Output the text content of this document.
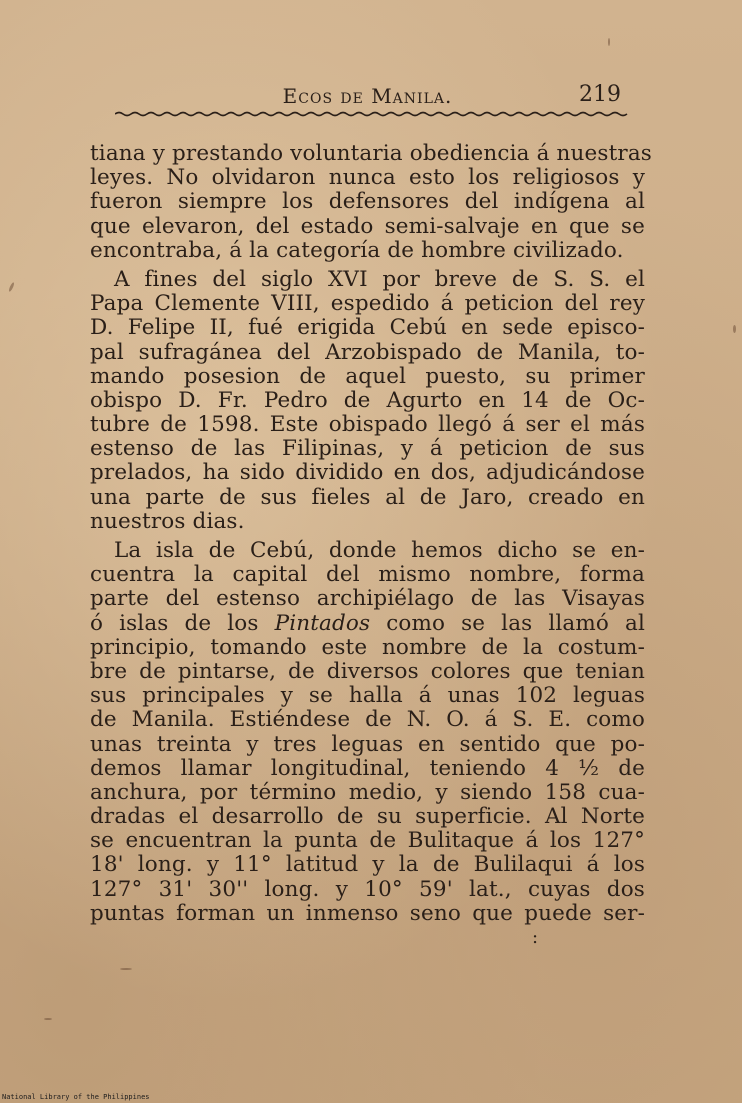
Ecos de Manila.	219
tiana y prestando voluntaria obediencia á nuestras
leyes. No olvidaron nunca esto los religiosos y
fueron siempre los defensores del indígena al
que elevaron, del estado semi-salvaje en que se
encontraba, á la categoría de hombre civilizado.
A fines del siglo XVI por breve de S. S. el
Papa Clemente VIII, espedido á peticion del rey
D. Felipe II, fué erigida Cebú en sede episco-
pal sufragánea del Arzobispado de Manila, to-
mando posesion de aquel puesto, su primer
obispo D. Fr. Pedro de Agurto en 14 de Oc-
tubre de 1598. Este obispado llegó á ser el más
estenso de las Filipinas, y á peticion de sus
prelados, ha sido dividido en dos, adjudicándose
una parte de sus fieles al de Jaro, creado en
nuestros dias.
La isla de Cebú, donde hemos dicho se en-
cuentra la capital del mismo nombre, forma
parte del estenso archipiélago de las Visayas
ó islas de los Pintados como se las llamó al
principio, tomando este nombre de la costum-
bre de pintarse, de diversos colores que tenian
sus principales y se halla á unas 102 leguas
de Manila. Estiéndese de N. O. á S. E. como
unas treinta y tres leguas en sentido que po-
demos llamar longitudinal, teniendo 4 ½ de
anchura, por término medio, y siendo 158 cua-
dradas el desarrollo de su superficie. Al Norte
se encuentran la punta de Bulitaque á los 127°
18' long. y 11° latitud y la de Bulilaqui á los
127° 31' 30'' long. y 10° 59' lat., cuyas dos
puntas forman un inmenso seno que puede ser-
:
National Library of the Philippines
